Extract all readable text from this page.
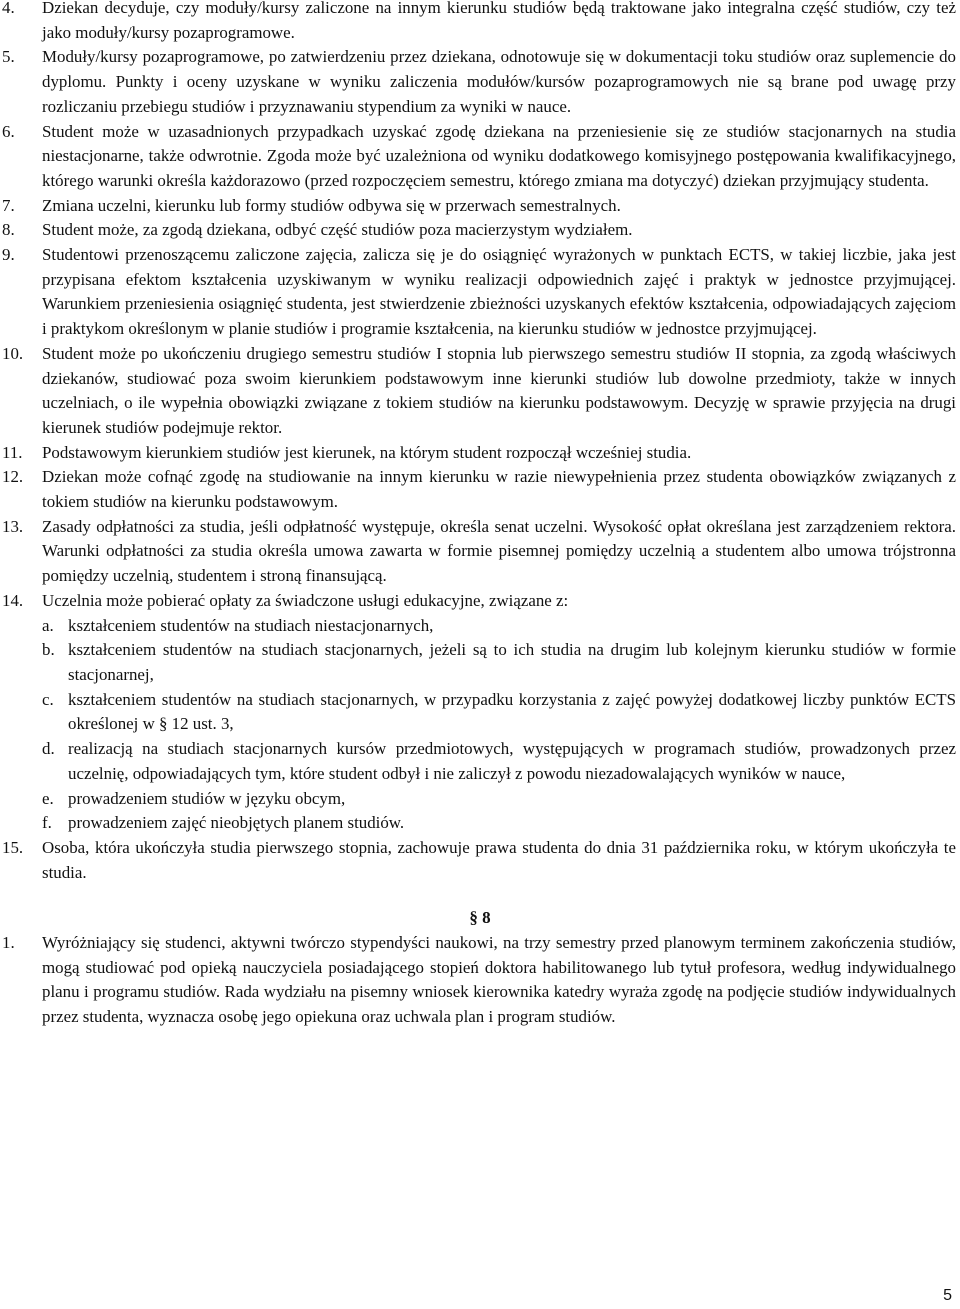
4.	Dziekan decyduje, czy moduły/kursy zaliczone na innym kierunku studiów będą traktowane jako integralna część studiów, czy też jako moduły/kursy pozaprogramowe.
5.	Moduły/kursy pozaprogramowe, po zatwierdzeniu przez dziekana, odnotowuje się w dokumentacji toku studiów oraz suplemencie do dyplomu. Punkty i oceny uzyskane w wyniku zaliczenia modułów/kursów pozaprogramowych nie są brane pod uwagę przy rozliczaniu przebiegu studiów i przyznawaniu stypendium za wyniki w nauce.
6.	Student może w uzasadnionych przypadkach uzyskać zgodę dziekana na przeniesienie się ze studiów stacjonarnych na studia niestacjonarne, także odwrotnie. Zgoda może być uzależniona od wyniku dodatkowego komisyjnego postępowania kwalifikacyjnego, którego warunki określa każdorazowo (przed rozpoczęciem semestru, którego zmiana ma dotyczyć) dziekan przyjmujący studenta.
7.	Zmiana uczelni, kierunku lub formy studiów odbywa się w przerwach semestralnych.
8.	Student może, za zgodą dziekana, odbyć część studiów poza macierzystym wydziałem.
9.	Studentowi przenoszącemu zaliczone zajęcia, zalicza się je do osiągnięć wyrażonych w punktach ECTS, w takiej liczbie, jaka jest przypisana efektom kształcenia uzyskiwanym w wyniku realizacji odpowiednich zajęć i praktyk w jednostce przyjmującej. Warunkiem przeniesienia osiągnięć studenta, jest stwierdzenie zbieżności uzyskanych efektów kształcenia, odpowiadających zajęciom i praktykom określonym w planie studiów i programie kształcenia, na kierunku studiów w jednostce przyjmującej.
10.	Student może po ukończeniu drugiego semestru studiów I stopnia lub pierwszego semestru studiów II stopnia, za zgodą właściwych dziekanów, studiować poza swoim kierunkiem podstawowym inne kierunki studiów lub dowolne przedmioty, także w innych uczelniach, o ile wypełnia obowiązki związane z tokiem studiów na kierunku podstawowym. Decyzję w sprawie przyjęcia na drugi kierunek studiów podejmuje rektor.
11.	Podstawowym kierunkiem studiów jest kierunek, na którym student rozpoczął wcześniej studia.
12.	Dziekan może cofnąć zgodę na studiowanie na innym kierunku w razie niewypełnienia przez studenta obowiązków związanych z tokiem studiów na kierunku podstawowym.
13.	Zasady odpłatności za studia, jeśli odpłatność występuje, określa senat uczelni. Wysokość opłat określana jest zarządzeniem rektora. Warunki odpłatności za studia określa umowa zawarta w formie pisemnej pomiędzy uczelnią a studentem albo umowa trójstronna pomiędzy uczelnią, studentem i stroną finansującą.
14.	Uczelnia może pobierać opłaty za świadczone usługi edukacyjne, związane z:
a. kształceniem studentów na studiach niestacjonarnych,
b. kształceniem studentów na studiach stacjonarnych, jeżeli są to ich studia na drugim lub kolejnym kierunku studiów w formie stacjonarnej,
c. kształceniem studentów na studiach stacjonarnych, w przypadku korzystania z zajęć powyżej dodatkowej liczby punktów ECTS określonej w § 12 ust. 3,
d. realizacją na studiach stacjonarnych kursów przedmiotowych, występujących w programach studiów, prowadzonych przez uczelnię, odpowiadających tym, które student odbył i nie zaliczył z powodu niezadowalających wyników w nauce,
e. prowadzeniem studiów w języku obcym,
f. prowadzeniem zajęć nieobjętych planem studiów.
15.	Osoba, która ukończyła studia pierwszego stopnia, zachowuje prawa studenta do dnia 31 października roku, w którym ukończyła te studia.
§ 8
1.	Wyróżniający się studenci, aktywni twórczo stypendyści naukowi, na trzy semestry przed planowym terminem zakończenia studiów, mogą studiować pod opieką nauczyciela posiadającego stopień doktora habilitowanego lub tytuł profesora, według indywidualnego planu i programu studiów. Rada wydziału na pisemny wniosek kierownika katedry wyraża zgodę na podjęcie studiów indywidualnych przez studenta, wyznacza osobę jego opiekuna oraz uchwala plan i program studiów.
5
